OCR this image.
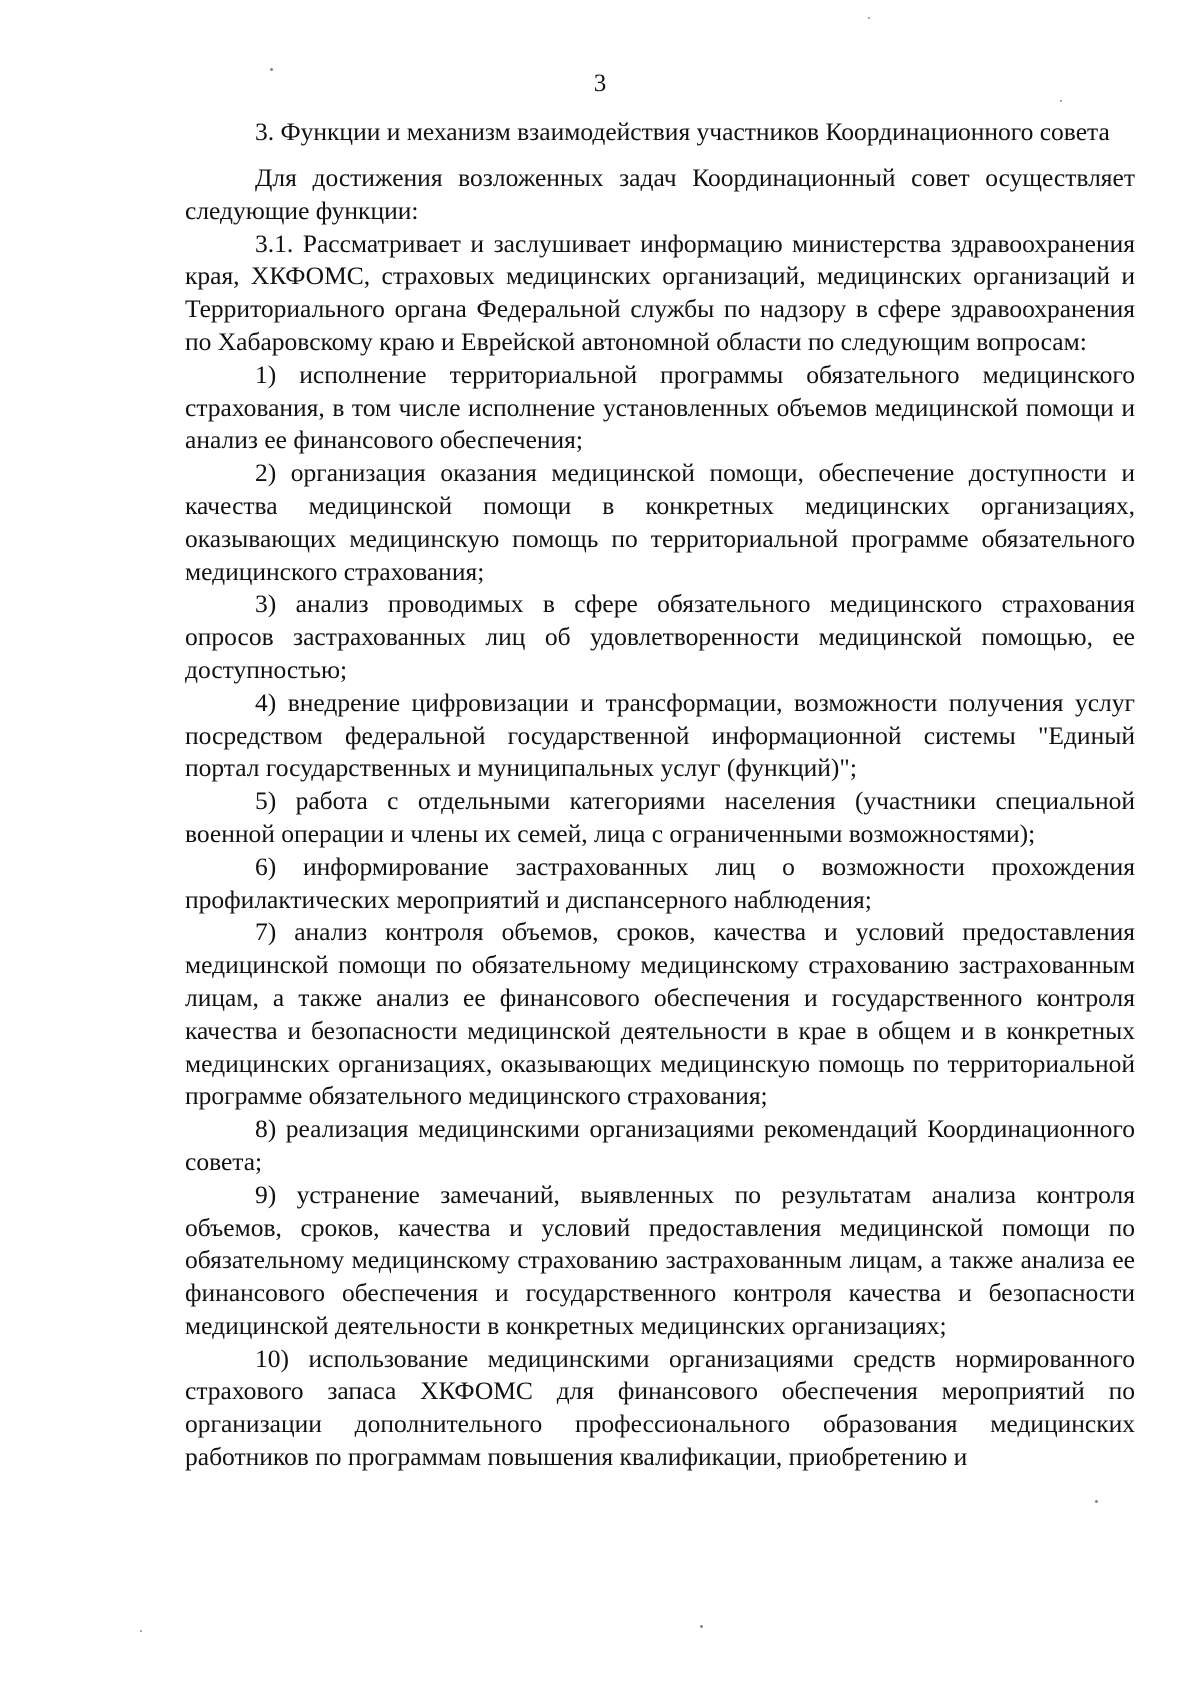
3
3. Функции и механизм взаимодействия участников Координационного совета

Для достижения возложенных задач Координационный совет осуществляет следующие функции:

3.1. Рассматривает и заслушивает информацию министерства здравоохранения края, ХКФОМС, страховых медицинских организаций, медицинских организаций и Территориального органа Федеральной службы по надзору в сфере здравоохранения по Хабаровскому краю и Еврейской автономной области по следующим вопросам:

1) исполнение территориальной программы обязательного медицинского страхования, в том числе исполнение установленных объемов медицинской помощи и анализ ее финансового обеспечения;

2) организация оказания медицинской помощи, обеспечение доступности и качества медицинской помощи в конкретных медицинских организациях, оказывающих медицинскую помощь по территориальной программе обязательного медицинского страхования;

3) анализ проводимых в сфере обязательного медицинского страхования опросов застрахованных лиц об удовлетворенности медицинской помощью, ее доступностью;

4) внедрение цифровизации и трансформации, возможности получения услуг посредством федеральной государственной информационной системы "Единый портал государственных и муниципальных услуг (функций)";

5) работа с отдельными категориями населения (участники специальной военной операции и члены их семей, лица с ограниченными возможностями);

6) информирование застрахованных лиц о возможности прохождения профилактических мероприятий и диспансерного наблюдения;

7) анализ контроля объемов, сроков, качества и условий предоставления медицинской помощи по обязательному медицинскому страхованию застрахованным лицам, а также анализ ее финансового обеспечения и государственного контроля качества и безопасности медицинской деятельности в крае в общем и в конкретных медицинских организациях, оказывающих медицинскую помощь по территориальной программе обязательного медицинского страхования;

8) реализация медицинскими организациями рекомендаций Координационного совета;

9) устранение замечаний, выявленных по результатам анализа контроля объемов, сроков, качества и условий предоставления медицинской помощи по обязательному медицинскому страхованию застрахованным лицам, а также анализа ее финансового обеспечения и государственного контроля качества и безопасности медицинской деятельности в конкретных медицинских организациях;

10) использование медицинскими организациями средств нормированного страхового запаса ХКФОМС для финансового обеспечения мероприятий по организации дополнительного профессионального образования медицинских работников по программам повышения квалификации, приобретению и
